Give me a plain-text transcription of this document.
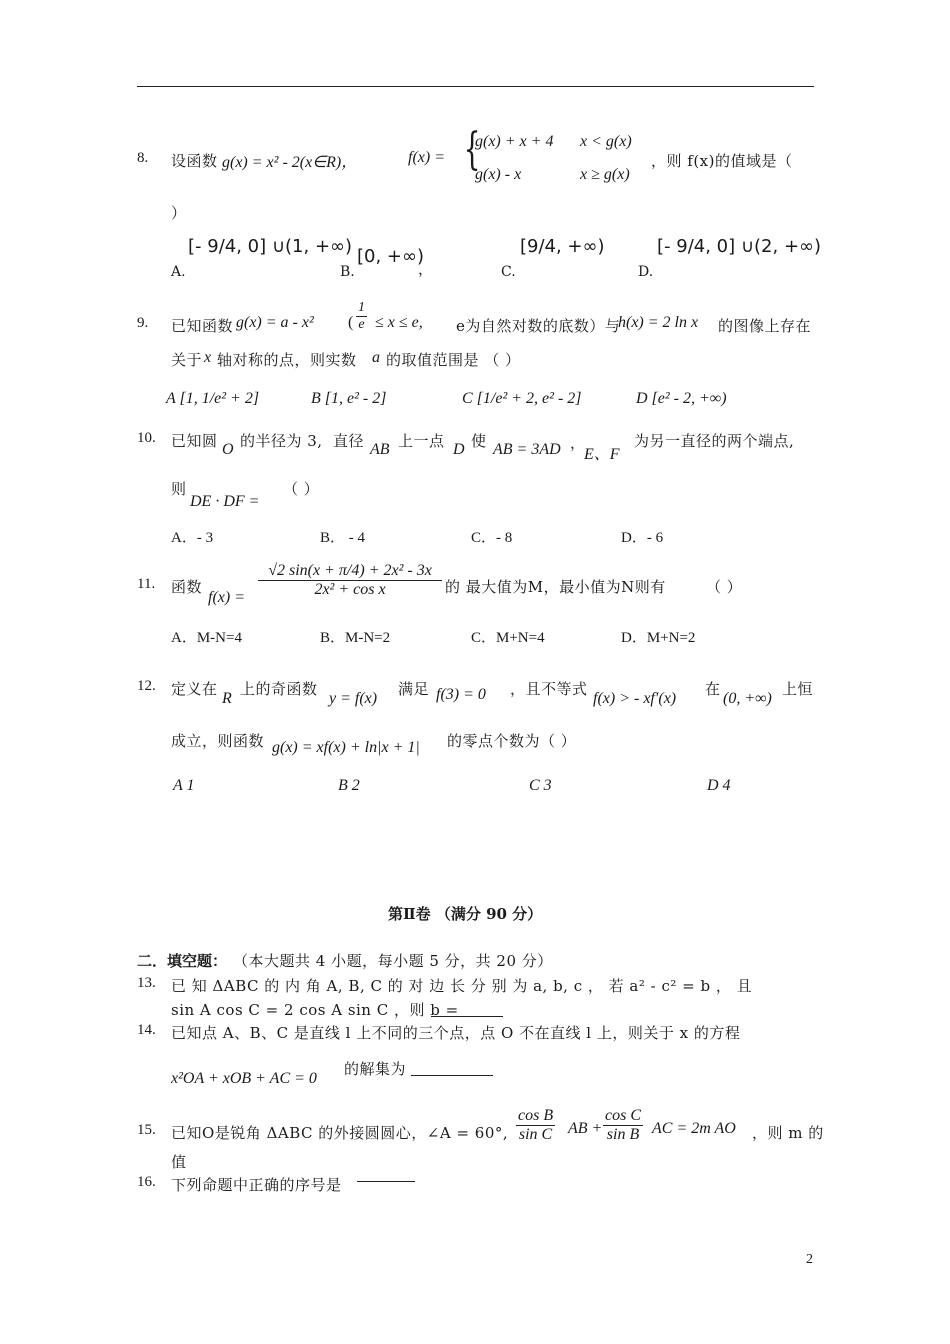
8. 设函数 g(x) = x² - 2(x∈R)，	f(x) = {
g(x) + x + 4 x < g(x)
g(x) - x	x ≥ g(x)
，则 f(x)的值域是（
）
A.
[- 9/4, 0] ∪(1, +∞)
B.
[0, +∞)
，	C.
[9/4, +∞)
D.
[- 9/4, 0] ∪(2, +∞)
9. 已知函数 g(x) = a - x² ( $\frac{1}{e} \le x \le e$, e为自然对数的底数）与
h(x) = 2 ln x 的图像上存在
关于 x 轴对称的点，则实数 a 的取值范围是 （ ）
A [1, 1/e² + 2]	B [1, e² - 2]	C [1/e² + 2, e² - 2]	D [e² - 2, +∞)
10. 已知圆 O 的半径为 3, 直径 AB 上一点 D 使 AB = 3AD ，
E、F
为另一直径的两个端点,
则
DE · DF =
（ ）
A．- 3	B． - 4	C．- 8	D．- 6
11. 函数
$f(x) = \frac{\text{√2 sin(x + π/4) + 2x² - 3x}}{\text{2x² + cos x}}$ 的 最大值为M，最小值为N则有	（ ）
A．M-N=4	B．M-N=2	C．M+N=4	D．M+N=2
12. 定义在
R
上的奇函数
y = f(x)
满足 f(3) = 0 ，且不等式
f(x) > - xf′(x)
在
(0, +∞)
上恒
成立，则函数 g(x) = xf(x) + ln|x + 1| 的零点个数为（ ）
A 1	B 2	C 3	D 4
第Ⅱ卷 （满分 90 分）
二．填空题： （本大题共 4 小题，每小题 5 分，共 20 分）
13. 已 知 ΔABC 的 内 角 A, B, C 的 对 边 长 分 别 为 a, b, c ， 若 a² - c² = b ， 且
sin A cos C = 2 cos A sin C ，则 b =
14. 已知点 A、B、C 是直线 l 上不同的三个点，点 O 不在直线 l 上，则关于 x 的方程
x²OA + xOB + AC = 0
的解集为
15. 已知O是锐角 ΔABC 的外接圆圆心，∠A = 60°, $\frac{\text{cos B}}{\text{sin C}}$ AB + $\frac{\text{cos C}}{\text{sin B}}$ AC = 2m AO ，则 m 的
值
16. 下列命题中正确的序号是
2
